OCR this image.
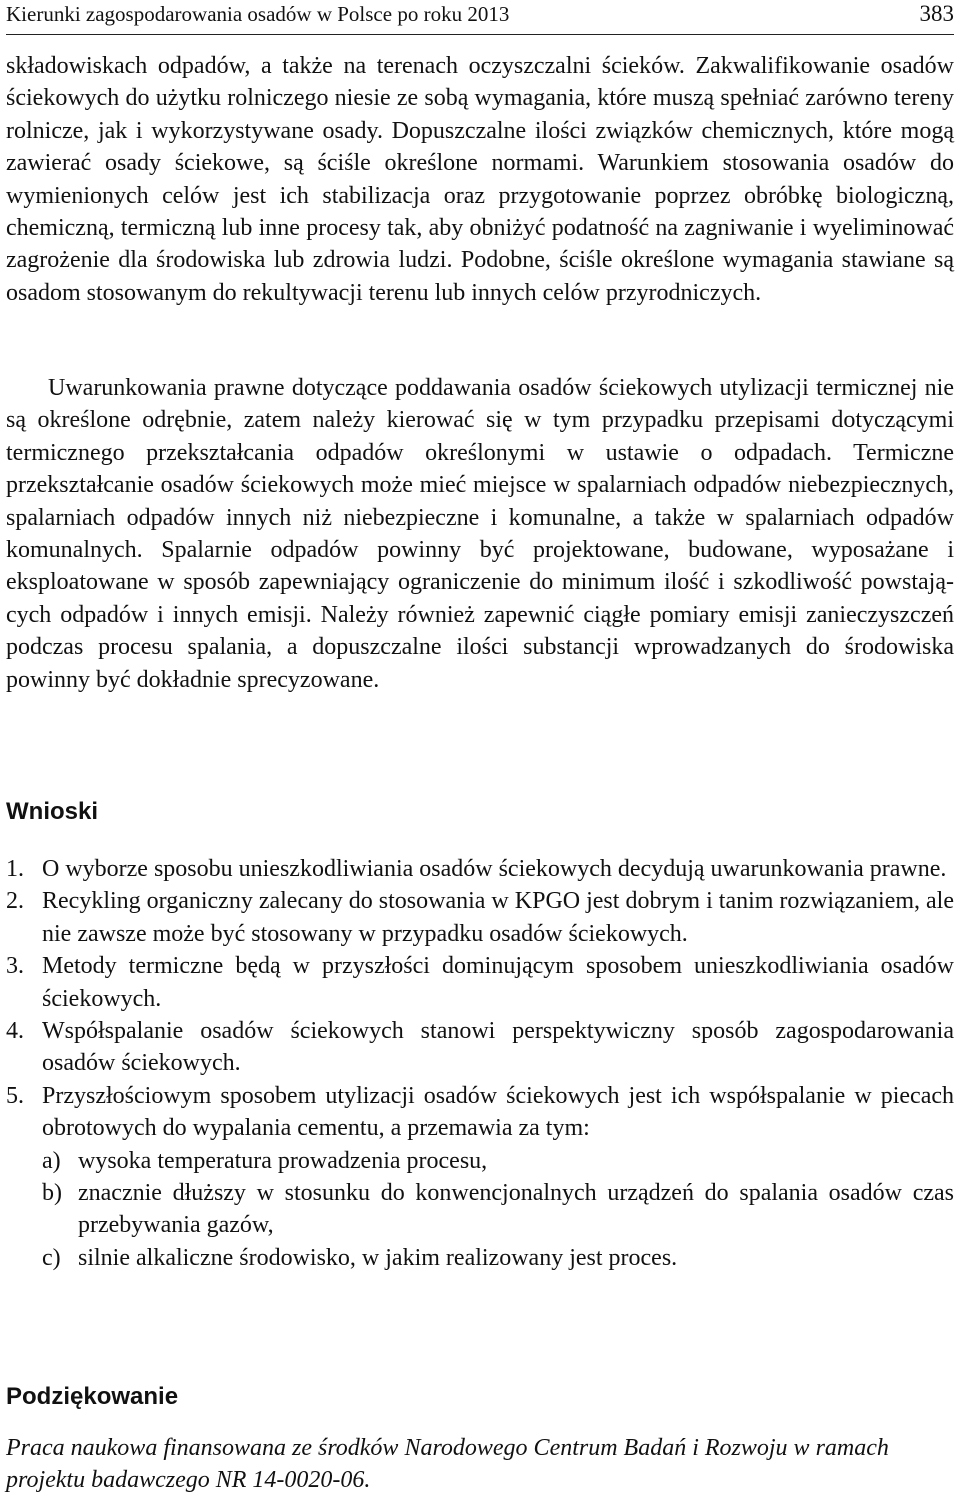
Kierunki zagospodarowania osadów w Polsce po roku 2013	383

składowiskach odpadów, a także na terenach oczyszczalni ścieków. Zakwalifikowanie osadów ściekowych do użytku rolniczego niesie ze sobą wymagania, które muszą spełniać zarówno tereny rolnicze, jak i wykorzystywane osady. Dopuszczalne ilości związków chemicznych, które mogą zawierać osady ściekowe, są ściśle określone normami. Warunkiem stosowania osadów do wymienionych celów jest ich stabilizacja oraz przygotowanie poprzez obróbkę biologiczną, chemiczną, termiczną lub inne procesy tak, aby obniżyć podatność na zagniwanie i wyeliminować zagrożenie dla środowiska lub zdrowia ludzi. Podobne, ściśle określone wymagania stawiane są osadom stosowanym do rekultywacji terenu lub innych celów przyrodniczych.

Uwarunkowania prawne dotyczące poddawania osadów ściekowych utylizacji termicznej nie są określone odrębnie, zatem należy kierować się w tym przypadku przepisami dotyczącymi termicznego przekształcania odpadów określonymi w ustawie o odpadach. Termiczne przekształcanie osadów ściekowych może mieć miejsce w spalarniach odpadów niebezpiecznych, spalarniach odpadów innych niż niebezpieczne i komunalne, a także w spalarniach odpadów komunalnych. Spalarnie odpadów powinny być projektowane, budowane, wyposażane i eksploatowane w sposób zapewniający ograniczenie do minimum ilość i szkodliwość powstających odpadów i innych emisji. Należy również zapewnić ciągłe pomiary emisji zanieczyszczeń podczas procesu spalania, a dopuszczalne ilości substancji wprowadzanych do środowiska powinny być dokładnie sprecyzowane.

Wnioski
1. O wyborze sposobu unieszkodliwiania osadów ściekowych decydują uwarunkowania prawne.
2. Recykling organiczny zalecany do stosowania w KPGO jest dobrym i tanim rozwiązaniem, ale nie zawsze może być stosowany w przypadku osadów ściekowych.
3. Metody termiczne będą w przyszłości dominującym sposobem unieszkodliwiania osadów ściekowych.
4. Współspalanie osadów ściekowych stanowi perspektywiczny sposób zagospodarowania osadów ściekowych.
5. Przyszłościowym sposobem utylizacji osadów ściekowych jest ich współspalanie w piecach obrotowych do wypalania cementu, a przemawia za tym:
a) wysoka temperatura prowadzenia procesu,
b) znacznie dłuższy w stosunku do konwencjonalnych urządzeń do spalania osadów czas przebywania gazów,
c) silnie alkaliczne środowisko, w jakim realizowany jest proces.
Podziękowanie

Praca naukowa finansowana ze środków Narodowego Centrum Badań i Rozwoju w ramach projektu badawczego NR 14-0020-06.
